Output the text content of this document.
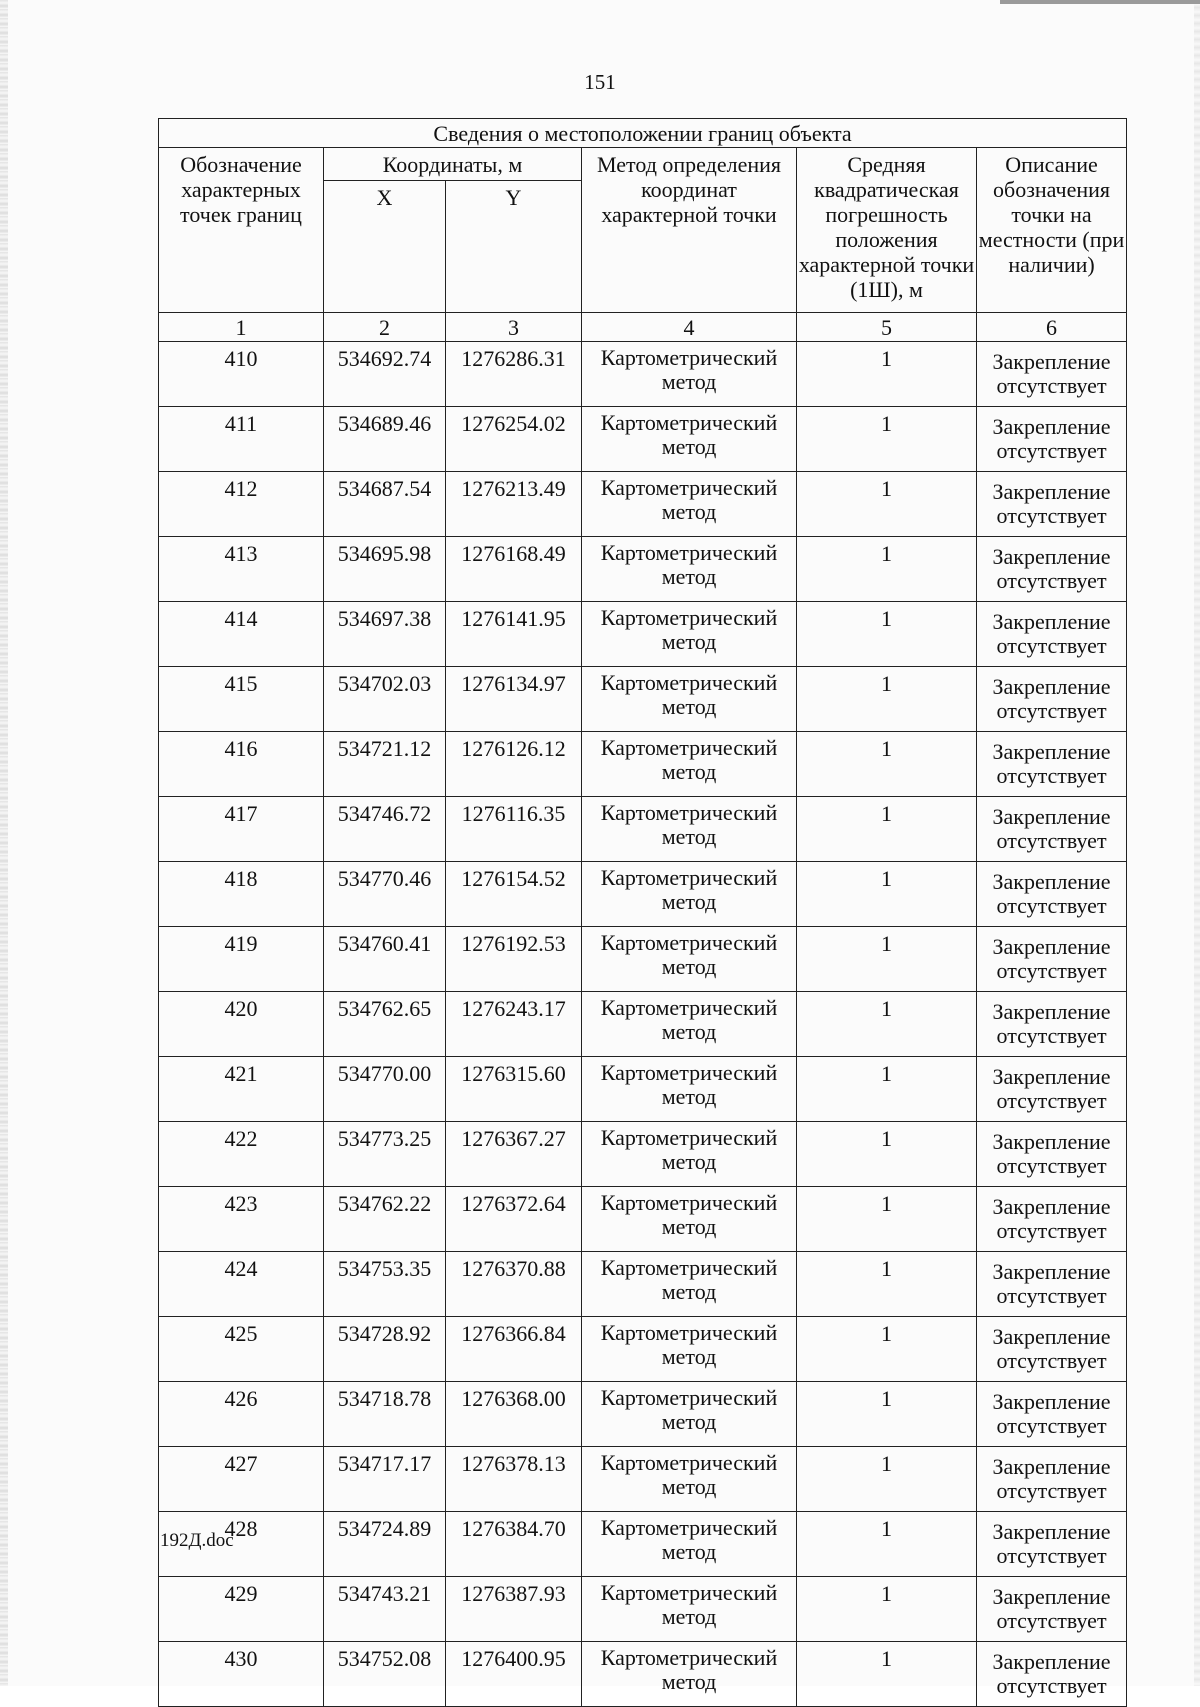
151
Сведения о местоположении границ объекта					
Обозначение характерных точек границ	Координаты, м		Метод определения координат характерной точки	Средняя квадратическая погрешность положения характерной точки (1Ш), м	Описание обозначения точки на местности (при наличии)
	X	Y			
1	2	3	4	5	6
410	534692.74	1276286.31	Картометрический метод	1	Закрепление отсутствует
411	534689.46	1276254.02	Картометрический метод	1	Закрепление отсутствует
412	534687.54	1276213.49	Картометрический метод	1	Закрепление отсутствует
413	534695.98	1276168.49	Картометрический метод	1	Закрепление отсутствует
414	534697.38	1276141.95	Картометрический метод	1	Закрепление отсутствует
415	534702.03	1276134.97	Картометрический метод	1	Закрепление отсутствует
416	534721.12	1276126.12	Картометрический метод	1	Закрепление отсутствует
417	534746.72	1276116.35	Картометрический метод	1	Закрепление отсутствует
418	534770.46	1276154.52	Картометрический метод	1	Закрепление отсутствует
419	534760.41	1276192.53	Картометрический метод	1	Закрепление отсутствует
420	534762.65	1276243.17	Картометрический метод	1	Закрепление отсутствует
421	534770.00	1276315.60	Картометрический метод	1	Закрепление отсутствует
422	534773.25	1276367.27	Картометрический метод	1	Закрепление отсутствует
423	534762.22	1276372.64	Картометрический метод	1	Закрепление отсутствует
424	534753.35	1276370.88	Картометрический метод	1	Закрепление отсутствует
425	534728.92	1276366.84	Картометрический метод	1	Закрепление отсутствует
426	534718.78	1276368.00	Картометрический метод	1	Закрепление отсутствует
427	534717.17	1276378.13	Картометрический метод	1	Закрепление отсутствует
428	534724.89	1276384.70	Картометрический метод	1	Закрепление отсутствует
429	534743.21	1276387.93	Картометрический метод	1	Закрепление отсутствует
430	534752.08	1276400.95	Картометрический метод	1	Закрепление отсутствует
192Д.doc
